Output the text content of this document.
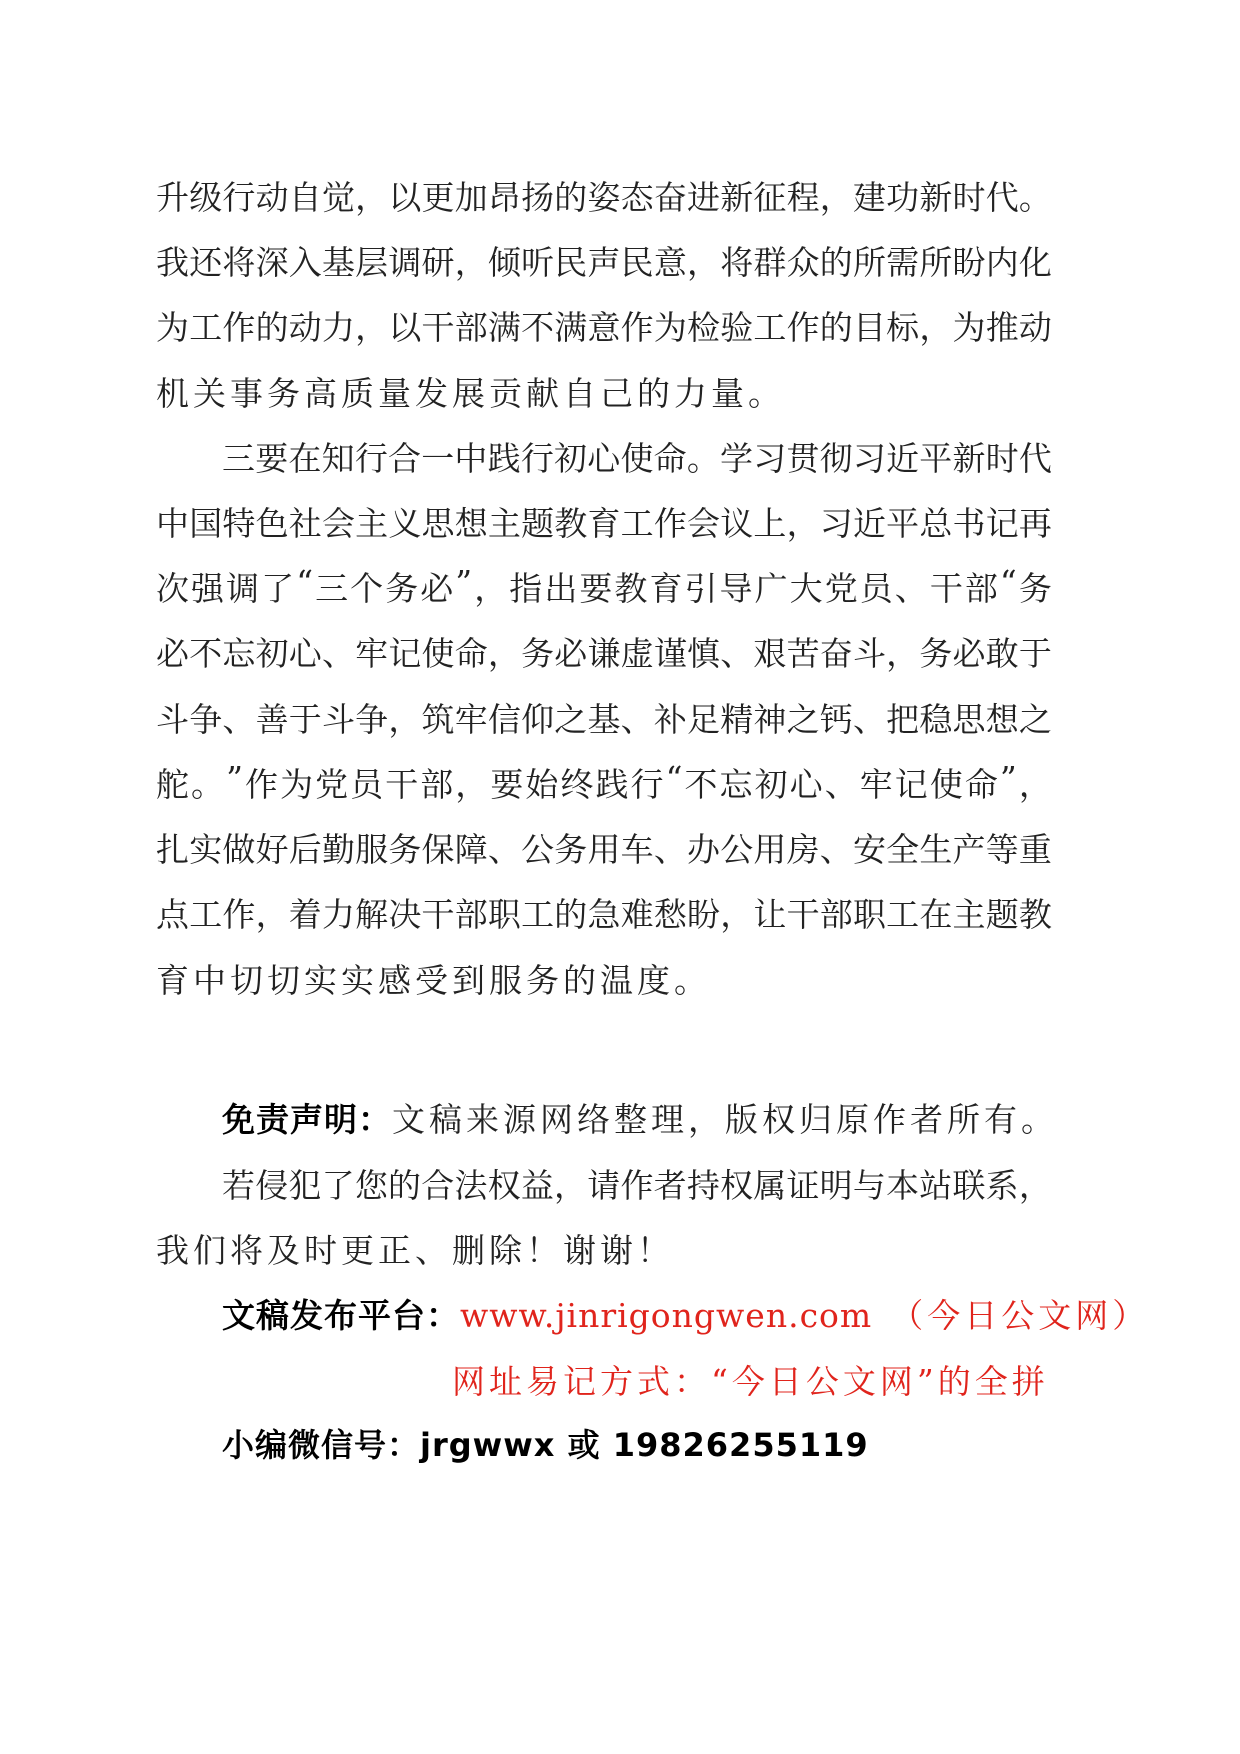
升 级 行 动 自 觉 ， 以 更 加 昂 扬 的 姿 态 奋 进 新 征 程 ， 建 功 新 时 代 。
我 还 将 深 入 基 层 调 研 ， 倾 听 民 声 民 意 ， 将 群 众 的 所 需 所 盼 内 化
为 工 作 的 动 力 ， 以 干 部 满 不 满 意 作 为 检 验 工 作 的 目 标 ， 为 推 动
机关事务高质量发展贡献自己的力量。
三 要 在 知 行 合 一 中 践 行 初 心 使 命 。 学 习 贯 彻 习 近 平 新 时 代
中 国 特 色 社 会 主 义 思 想 主 题 教 育 工 作 会 议 上 ， 习 近 平 总 书 记 再
次 强 调 了 “ 三 个 务 必 ” ， 指 出 要 教 育 引 导 广 大 党 员 、 干 部 “ 务
必 不 忘 初 心 、 牢 记 使 命 ， 务 必 谦 虚 谨 慎 、 艰 苦 奋 斗 ， 务 必 敢 于
斗 争 、 善 于 斗 争 ， 筑 牢 信 仰 之 基 、 补 足 精 神 之 钙 、 把 稳 思 想 之
舵 。 ” 作 为 党 员 干 部 ， 要 始 终 践 行 “ 不 忘 初 心 、 牢 记 使 命 ” ，
扎 实 做 好 后 勤 服 务 保 障 、 公 务 用 车 、 办 公 用 房 、 安 全 生 产 等 重
点 工 作 ， 着 力 解 决 干 部 职 工 的 急 难 愁 盼 ， 让 干 部 职 工 在 主 题 教
育中切切实实感受到服务的温度。
免责声明：文稿来源网络整理，版权归原作者所有。
若 侵 犯 了 您 的 合 法 权 益 ， 请 作 者 持 权 属 证 明 与 本 站 联 系 ，
我们将及时更正、删除！谢谢！
文稿发布平台：www.jinrigongwen.com （今日公文网）
网址易记方式：“今日公文网”的全拼
小编微信号：jrgwwx 或 19826255119
